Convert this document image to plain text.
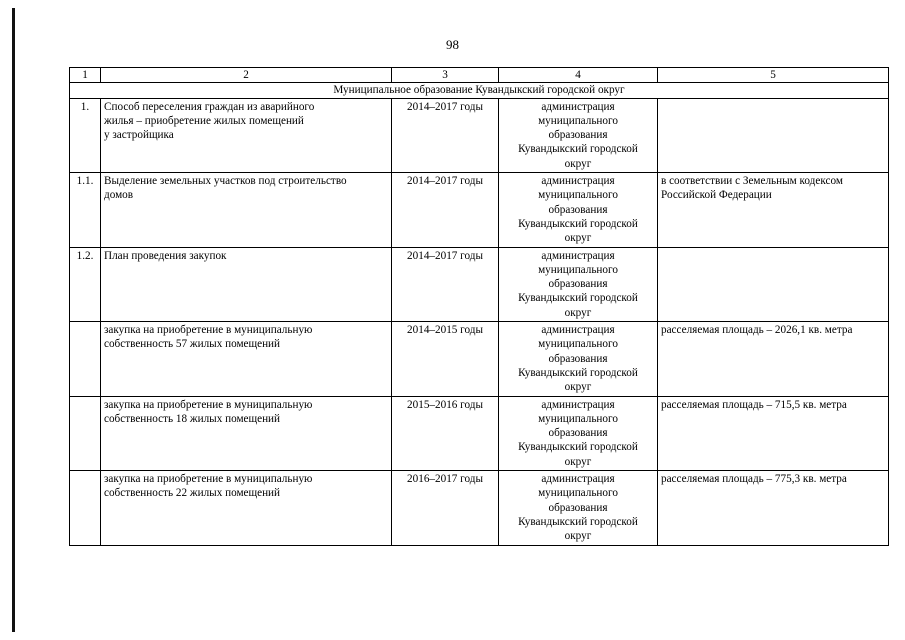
98
1	2	3	4	5
Муниципальное образование Кувандыкский городской округ				
1.	Способ переселения граждан из аварийного
жилья – приобретение жилых помещений
у застройщика	2014–2017 годы	администрация
муниципального
образования
Кувандыкский городской
округ	
1.1.	Выделение земельных участков под строительство
домов	2014–2017 годы	администрация
муниципального
образования
Кувандыкский городской
округ	в соответствии с Земельным кодексом
Российской Федерации
1.2.	План проведения закупок	2014–2017 годы	администрация
муниципального
образования
Кувандыкский городской
округ	
	закупка на приобретение в муниципальную
собственность 57 жилых помещений	2014–2015 годы	администрация
муниципального
образования
Кувандыкский городской
округ	расселяемая площадь – 2026,1 кв. метра
	закупка на приобретение в муниципальную
собственность 18 жилых помещений	2015–2016 годы	администрация
муниципального
образования
Кувандыкский городской
округ	расселяемая площадь – 715,5 кв. метра
	закупка на приобретение в муниципальную
собственность 22 жилых помещений	2016–2017 годы	администрация
муниципального
образования
Кувандыкский городской
округ	расселяемая площадь – 775,3 кв. метра
